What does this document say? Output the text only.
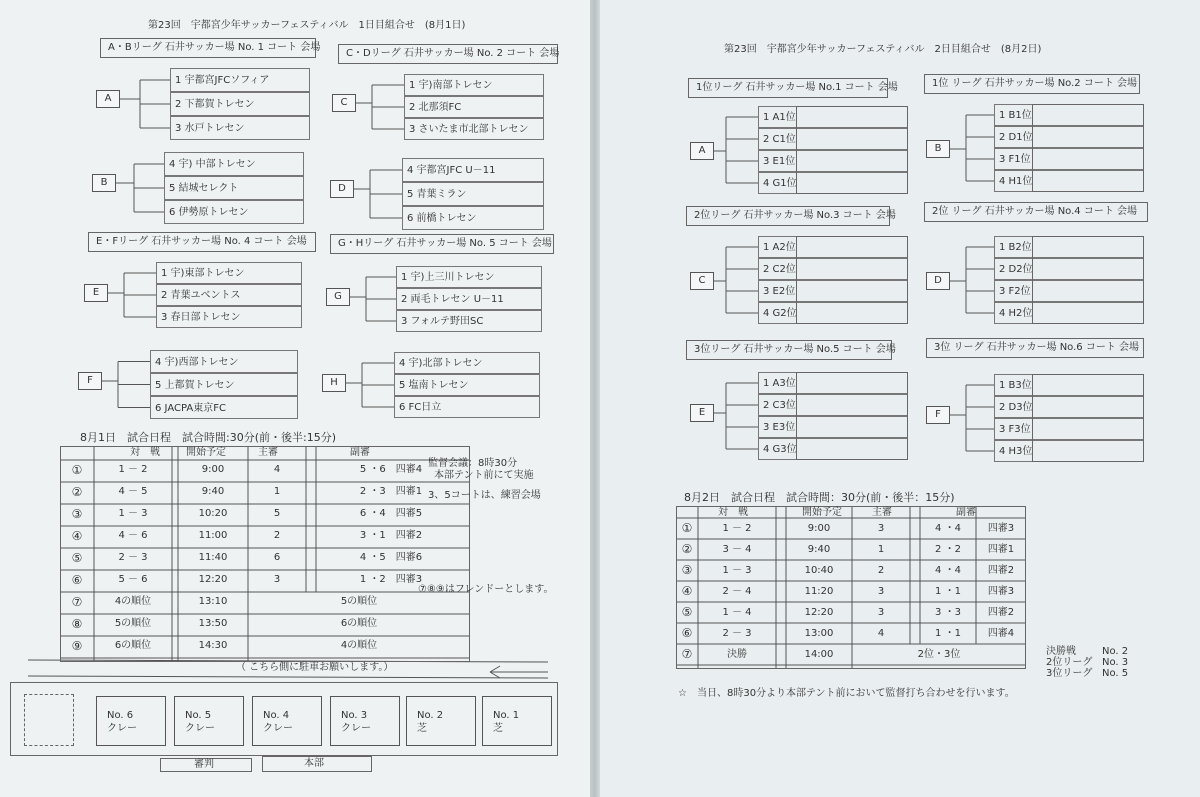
第23回　宇都宮少年サッカーフェスティバル　1日目組合せ　(8月1日)
A・Bリーグ 石井サッカー場 No. 1 コート 会場
C・Dリーグ 石井サッカー場 No. 2 コート 会場
E・Fリーグ 石井サッカー場 No. 4 コート 会場	G・Hリーグ 石井サッカー場 No. 5 コート 会場
A
1 宇都宮JFCソフィア
2 下都賀トレセン
3 水戸トレセン
C
1 宇)南部トレセン
2 北那須FC
3 さいたま市北部トレセン
B
4 宇) 中部トレセン
5 結城セレクト
6 伊勢原トレセン
D
4 宇都宮JFC U－11
5 青葉ミラン
6 前橋トレセン
E
1 宇)東部トレセン
2 青葉ユベントス
3 春日部トレセン
G
1 宇)上三川トレセン
2 両毛トレセン U－11
3 フォルテ野田SC
F
4 宇)西部トレセン
5 上都賀トレセン
6 JACPA東京FC
H
4 宇)北部トレセン
5 塩南トレセン
6 FC日立
8月1日　試合日程　試合時間:30分(前・後半:15分)
対　戦	開始予定	主審	副審
①	1 － 2	9:00	4	5 ・6　四審4
②	4 － 5	9:40	1	2 ・3　四審1
③	1 － 3	10:20	5	6 ・4　四審5
④	4 － 6	11:00	2	3 ・1　四審2
⑤	2 － 3	11:40	6	4 ・5　四審6
⑥	5 － 6	12:20	3	1 ・2　四審3
⑦	4の順位	13:10	5の順位
⑧	5の順位	13:50	6の順位
⑨	6の順位	14:30	4の順位
監督会議：8時30分
本部テント前にて実施
3、5コートは、練習会場
⑦⑧⑨はフレンドーとします。
（ こちら側に駐車お願いします。）
No. 6
クレー
No. 5
クレー
No. 4
クレー
No. 3
クレー
No. 2
芝
No. 1
芝
審判	本部
第23回　宇都宮少年サッカーフェスティバル　2日目組合せ　(8月2日)
1位リーグ 石井サッカー場 No.1 コート 会場	1位 リーグ 石井サッカー場 No.2 コート 会場
2位リーグ 石井サッカー場 No.3 コート 会場	2位 リーグ 石井サッカー場 No.4 コート 会場
3位リーグ 石井サッカー場 No.5 コート 会場	3位 リーグ 石井サッカー場 No.6 コート 会場
A
1 A1位
2 C1位
3 E1位
4 G1位
B
1 B1位
2 D1位
3 F1位
4 H1位
C
1 A2位
2 C2位
3 E2位
4 G2位
D
1 B2位
2 D2位
3 F2位
4 H2位
E
1 A3位
2 C3位
3 E3位
4 G3位
F
1 B3位
2 D3位
3 F3位
4 H3位
8月2日　試合日程　試合時間：30分(前・後半：15分)
対　戦	開始予定	主審	副審
①	1 － 2	9:00	3	4 ・4	四審3
②	3 － 4	9:40	1	2 ・2	四審1
③	1 － 3	10:40	2	4 ・4	四審2
④	2 － 4	11:20	3	1 ・1	四審3
⑤	1 － 4	12:20	3	3 ・3	四審2
⑥	2 － 3	13:00	4	1 ・1	四審4
⑦	決勝	14:00	2位・3位	決勝戦	No. 2
2位リーグ No. 3
3位リーグ No. 5
☆　当日、8時30分より本部テント前において監督打ち合わせを行います。
